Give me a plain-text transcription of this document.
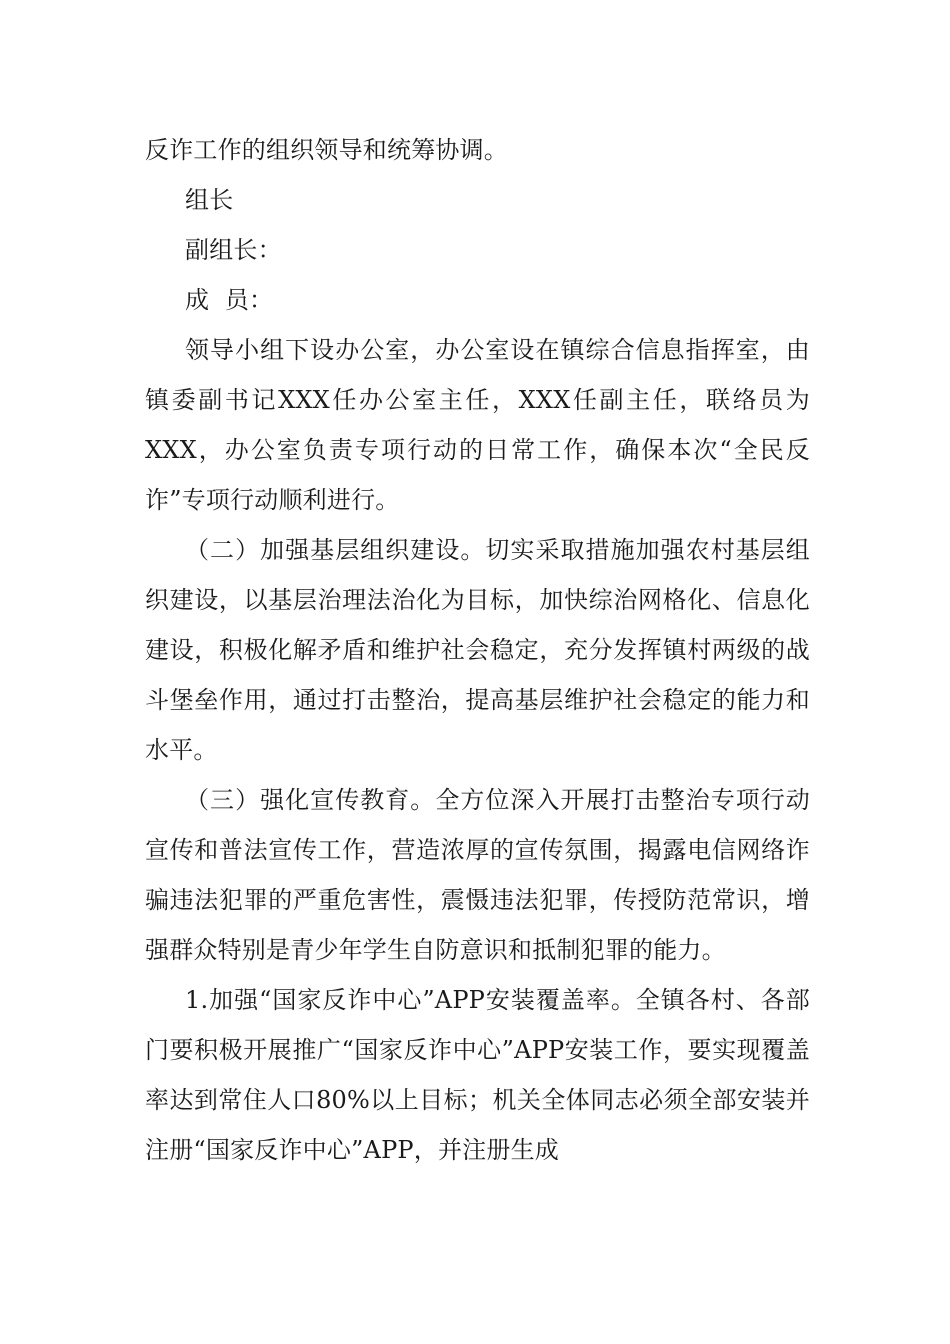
反诈工作的组织领导和统筹协调。

组长

副组长：

成  员：

领导小组下设办公室，办公室设在镇综合信息指挥室，由镇委副书记XXX任办公室主任，XXX任副主任，联络员为XXX，办公室负责专项行动的日常工作，确保本次“全民反诈”专项行动顺利进行。

（二）加强基层组织建设。切实采取措施加强农村基层组织建设，以基层治理法治化为目标，加快综治网格化、信息化建设，积极化解矛盾和维护社会稳定，充分发挥镇村两级的战斗堡垒作用，通过打击整治，提高基层维护社会稳定的能力和水平。

（三）强化宣传教育。全方位深入开展打击整治专项行动宣传和普法宣传工作，营造浓厚的宣传氛围，揭露电信网络诈骗违法犯罪的严重危害性，震慑违法犯罪，传授防范常识，增强群众特别是青少年学生自防意识和抵制犯罪的能力。

1.加强“国家反诈中心”APP安装覆盖率。全镇各村、各部门要积极开展推广“国家反诈中心”APP安装工作，要实现覆盖率达到常住人口80%以上目标；机关全体同志必须全部安装并注册“国家反诈中心”APP，并注册生成
